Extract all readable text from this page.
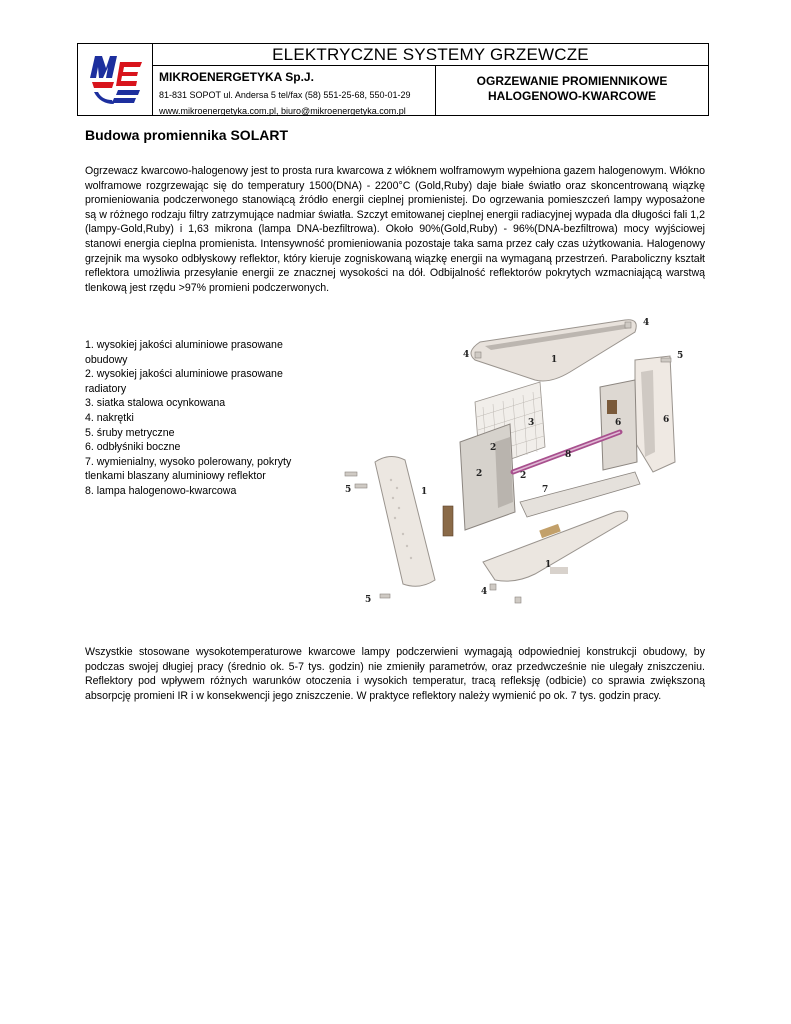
ELEKTRYCZNE SYSTEMY GRZEWCZE
MIKROENERGETYKA Sp.J.
81-831 SOPOT ul. Andersa 5 tel/fax (58) 551-25-68, 550-01-29
www.mikroenergetyka.com.pl, biuro@mikroenergetyka.com.pl
OGRZEWANIE PROMIENNIKOWE
HALOGENOWO-KWARCOWE
Budowa promiennika SOLART

Ogrzewacz kwarcowo-halogenowy jest to prosta rura kwarcowa z włóknem wolframowym wypełniona gazem halogenowym. Włókno wolframowe rozgrzewając się do temperatury 1500(DNA) - 2200°C (Gold,Ruby) daje białe światło oraz skoncentrowaną wiązkę promieniowania podczerwonego stanowiącą źródło energii cieplnej promienistej. Do ogrzewania pomieszczeń lampy wyposażone są w różnego rodzaju filtry zatrzymujące nadmiar światła. Szczyt emitowanej cieplnej energii radiacyjnej wypada dla długości fali 1,2 (lampy-Gold,Ruby) i 1,63 mikrona (lampa DNA-bezfiltrowa). Około 90%(Gold,Ruby) - 96%(DNA-bezfiltrowa) mocy wyjściowej stanowi energia cieplna promienista. Intensywność promieniowania pozostaje taka sama przez cały czas użytkowania. Halogenowy grzejnik ma wysoko odbłyskowy reflektor, który kieruje zogniskowaną wiązkę energii na wymaganą przestrzeń. Paraboliczny kształt reflektora umożliwia przesyłanie energii ze znacznej wysokości na dół. Odbijalność reflektorów pokrytych wzmacniającą warstwą tlenkową jest rzędu >97% promieni podczerwonych.

1. wysokiej jakości aluminiowe prasowane obudowy
2. wysokiej jakości aluminiowe prasowane radiatory
3. siatka stalowa ocynkowana
4. nakrętki
5. śruby metryczne
6. odbłyśniki boczne
7. wymienialny, wysoko polerowany, pokryty tlenkami blaszany aluminiowy reflektor
8. lampa halogenowo-kwarcowa
1
4
4	5
6
6
3
2
2	2
8
7
5	1
1
4
5

Wszystkie stosowane wysokotemperaturowe kwarcowe lampy podczerwieni wymagają odpowiedniej konstrukcji obudowy, by podczas swojej długiej pracy (średnio ok. 5-7 tys. godzin) nie zmieniły parametrów, oraz przedwcześnie nie ulegały zniszczeniu. Reflektory pod wpływem różnych warunków otoczenia i wysokich temperatur, tracą refleksję (odbicie) co sprawia zwiększoną absorpcję promieni IR i w konsekwencji jego zniszczenie. W praktyce reflektory należy wymienić po ok. 7 tys. godzin pracy.
